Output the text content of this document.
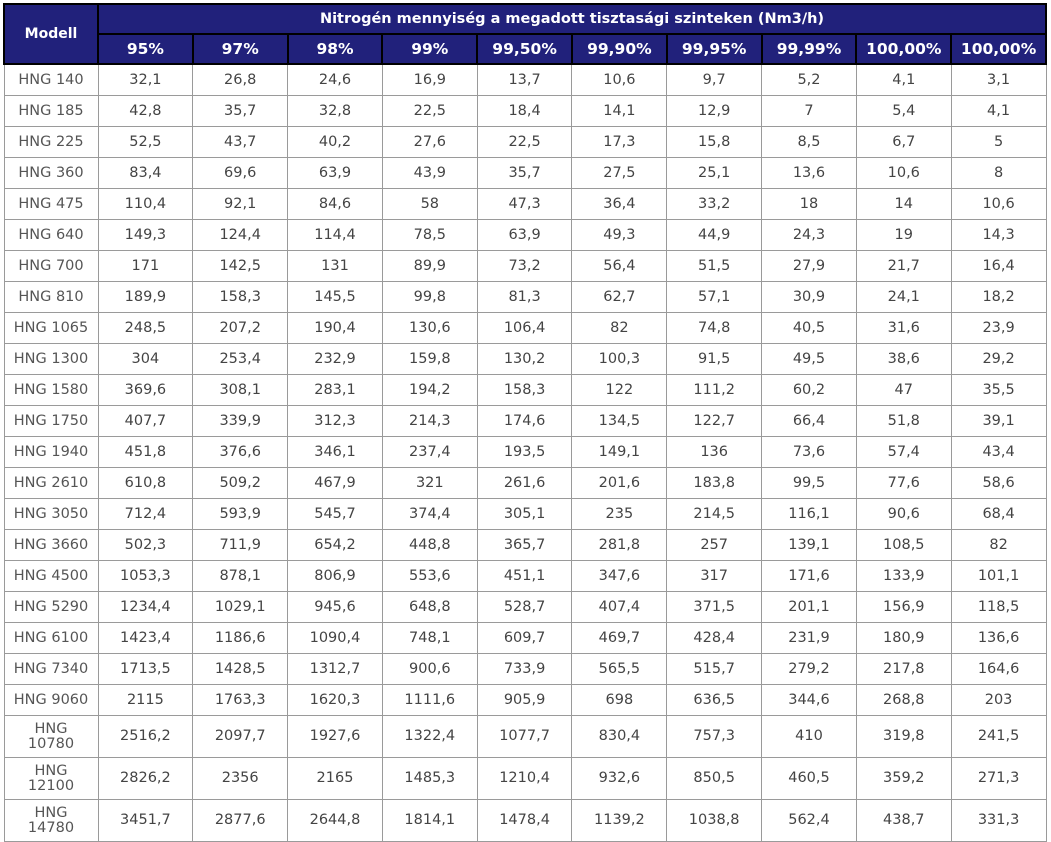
Modell	Nitrogén mennyiség a megadott tisztasági szinteken (Nm3/h)									
	95%	97%	98%	99%	99,50%	99,90%	99,95%	99,99%	100,00%	100,00%
HNG 140	32,1	26,8	24,6	16,9	13,7	10,6	9,7	5,2	4,1	3,1
HNG 185	42,8	35,7	32,8	22,5	18,4	14,1	12,9	7	5,4	4,1
HNG 225	52,5	43,7	40,2	27,6	22,5	17,3	15,8	8,5	6,7	5
HNG 360	83,4	69,6	63,9	43,9	35,7	27,5	25,1	13,6	10,6	8
HNG 475	110,4	92,1	84,6	58	47,3	36,4	33,2	18	14	10,6
HNG 640	149,3	124,4	114,4	78,5	63,9	49,3	44,9	24,3	19	14,3
HNG 700	171	142,5	131	89,9	73,2	56,4	51,5	27,9	21,7	16,4
HNG 810	189,9	158,3	145,5	99,8	81,3	62,7	57,1	30,9	24,1	18,2
HNG 1065	248,5	207,2	190,4	130,6	106,4	82	74,8	40,5	31,6	23,9
HNG 1300	304	253,4	232,9	159,8	130,2	100,3	91,5	49,5	38,6	29,2
HNG 1580	369,6	308,1	283,1	194,2	158,3	122	111,2	60,2	47	35,5
HNG 1750	407,7	339,9	312,3	214,3	174,6	134,5	122,7	66,4	51,8	39,1
HNG 1940	451,8	376,6	346,1	237,4	193,5	149,1	136	73,6	57,4	43,4
HNG 2610	610,8	509,2	467,9	321	261,6	201,6	183,8	99,5	77,6	58,6
HNG 3050	712,4	593,9	545,7	374,4	305,1	235	214,5	116,1	90,6	68,4
HNG 3660	502,3	711,9	654,2	448,8	365,7	281,8	257	139,1	108,5	82
HNG 4500	1053,3	878,1	806,9	553,6	451,1	347,6	317	171,6	133,9	101,1
HNG 5290	1234,4	1029,1	945,6	648,8	528,7	407,4	371,5	201,1	156,9	118,5
HNG 6100	1423,4	1186,6	1090,4	748,1	609,7	469,7	428,4	231,9	180,9	136,6
HNG 7340	1713,5	1428,5	1312,7	900,6	733,9	565,5	515,7	279,2	217,8	164,6
HNG 9060	2115	1763,3	1620,3	1111,6	905,9	698	636,5	344,6	268,8	203
HNG
10780	2516,2	2097,7	1927,6	1322,4	1077,7	830,4	757,3	410	319,8	241,5
HNG
12100	2826,2	2356	2165	1485,3	1210,4	932,6	850,5	460,5	359,2	271,3
HNG
14780	3451,7	2877,6	2644,8	1814,1	1478,4	1139,2	1038,8	562,4	438,7	331,3
